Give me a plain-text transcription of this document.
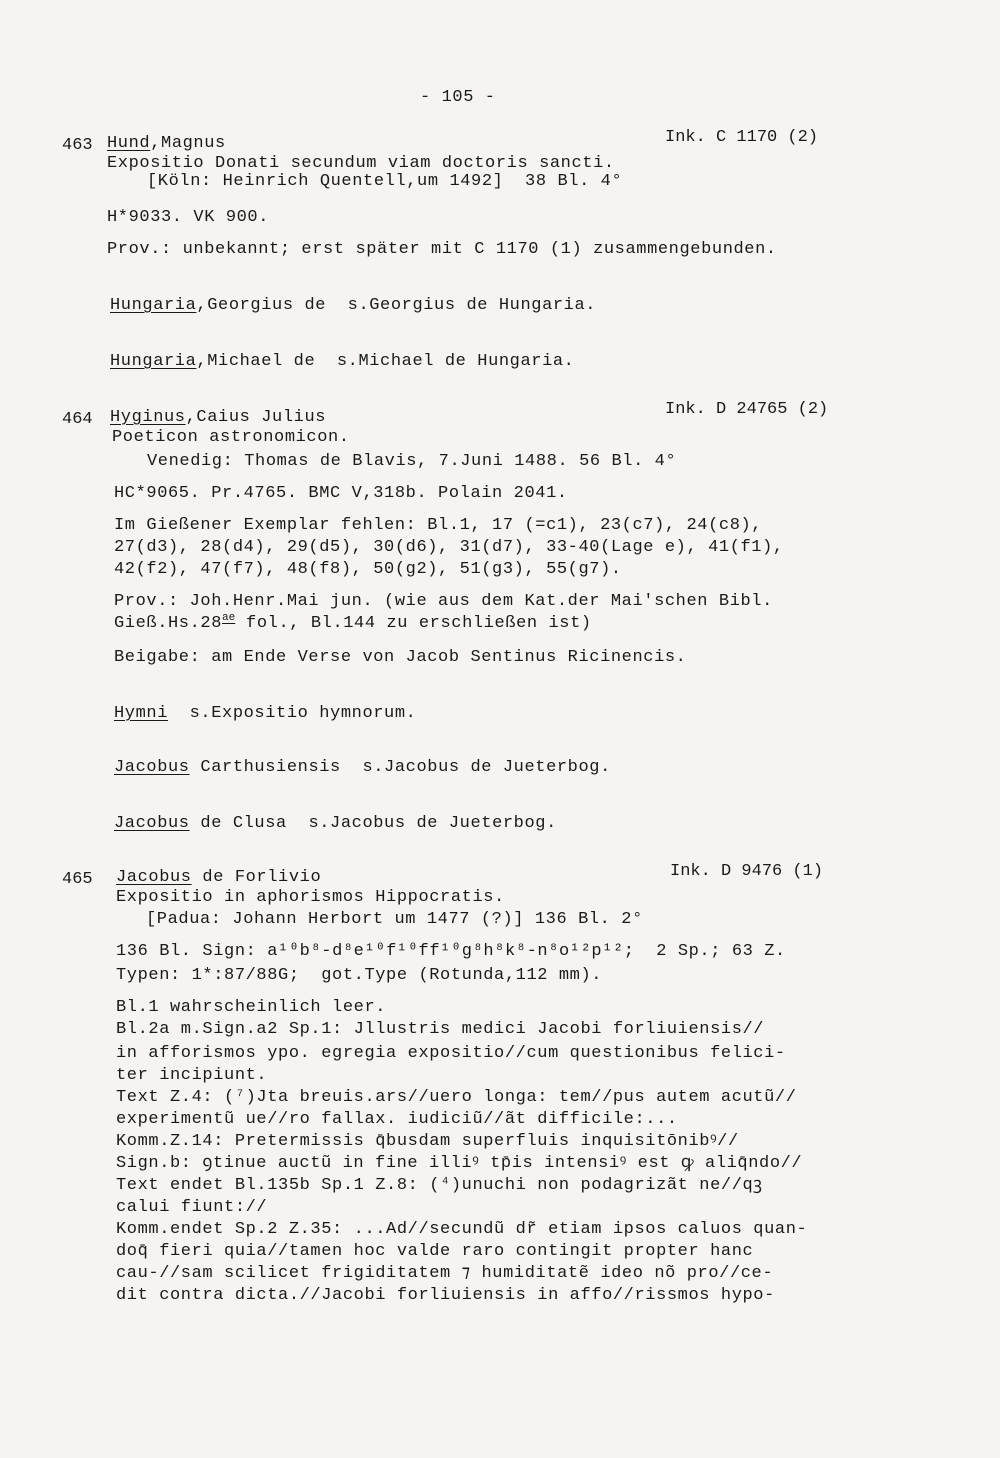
- 105 -
463 Hund,Magnus	Ink. C 1170 (2)
Expositio Donati secundum viam doctoris sancti.
[Köln: Heinrich Quentell,um 1492]  38 Bl. 4°
H*9033. VK 900.
Prov.: unbekannt; erst später mit C 1170 (1) zusammengebunden.
Hungaria,Georgius de  s.Georgius de Hungaria.
Hungaria,Michael de  s.Michael de Hungaria.
464 Hyginus,Caius Julius	Ink. D 24765 (2)
Poeticon astronomicon.
Venedig: Thomas de Blavis, 7.Juni 1488. 56 Bl. 4°
HC*9065. Pr.4765. BMC V,318b. Polain 2041.
Im Gießener Exemplar fehlen: Bl.1, 17 (=c1), 23(c7), 24(c8),
27(d3), 28(d4), 29(d5), 30(d6), 31(d7), 33-40(Lage e), 41(f1),
42(f2), 47(f7), 48(f8), 50(g2), 51(g3), 55(g7).
Prov.: Joh.Henr.Mai jun. (wie aus dem Kat.der Mai'schen Bibl.
Gieß.Hs.28$^{ae}$ fol., Bl.144 zu erschließen ist)
Beigabe: am Ende Verse von Jacob Sentinus Ricinencis.
Hymni  s.Expositio hymnorum.
Jacobus Carthusiensis  s.Jacobus de Jueterbog.
Jacobus de Clusa  s.Jacobus de Jueterbog.
465 Jacobus de Forlivio	Ink. D 9476 (1)
Expositio in aphorismos Hippocratis.
[Padua: Johann Herbort um 1477 (?)] 136 Bl. 2°
136 Bl. Sign: a¹⁰b⁸-d⁸e¹⁰f¹⁰ff¹⁰g⁸h⁸k⁸-n⁸o¹²p¹²;  2 Sp.; 63 Z.
Typen: 1*:87/88G;  got.Type (Rotunda,112 mm).
Bl.1 wahrscheinlich leer.
Bl.2a m.Sign.a2 Sp.1: Jllustris medici Jacobi forliuiensis//
in afforismos ypo. egregia expositio//cum questionibus felici-
ter incipiunt.
Text Z.4: (⁷)Jta breuis.ars//uero longa: tem//pus autem acutũ//
experimentũ ue//ro fallax. iudiciũ//ãt difficile:...
Komm.Z.14: Pretermissis q̄busdam superfluis inquisitōnibꝰ//
Sign.b: ꝯtinue auctũ in fine illiꝰ tp̄is intensiꝰ est ꝙ aliq̄ndo//
Text endet Bl.135b Sp.1 Z.8: (⁴)unuchi non podagrizãt ne//qꝫ
calui fiunt://
Komm.endet Sp.2 Z.35: ...Ad//secundũ dr̃ etiam ipsos caluos quan-
doq̄ fieri quia//tamen hoc valde raro contingit propter hanc
cau-//sam scilicet frigiditatem ⁊ humiditatẽ ideo nõ pro//ce-
dit contra dicta.//Jacobi forliuiensis in affo//rissmos hypo-
